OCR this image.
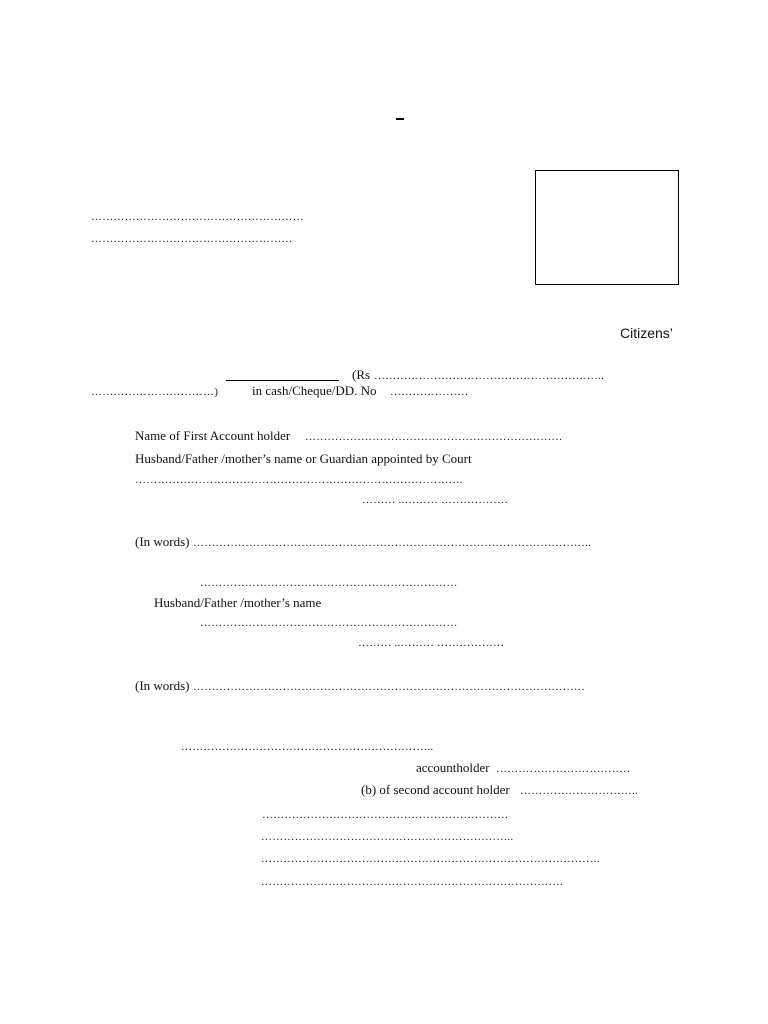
…………………………………………………
………………………………………………
Citizens’
(Rs ……………………………………………………..
……………………………)	in cash/Cheque/DD. No …………………
Name of First Account holder ……………………………………………………………
Husband/Father /mother’s name or Guardian appointed by Court
…………………………………………………………………………….
……… ..……… ………………
(In words) ……………………………………………………………………………………………..
……………………………………………………………
Husband/Father /mother’s name
……………………………………………………………
……… ..……… ………………
(In words) ……………………………………………………………………………………………
…………………………………………………………..
accountholder ………………………………
(b) of second account holder …………………………..
…………………………………………………………
…………………………………………………………..
……………………………………………………………………………….
………………………………………………………………………
